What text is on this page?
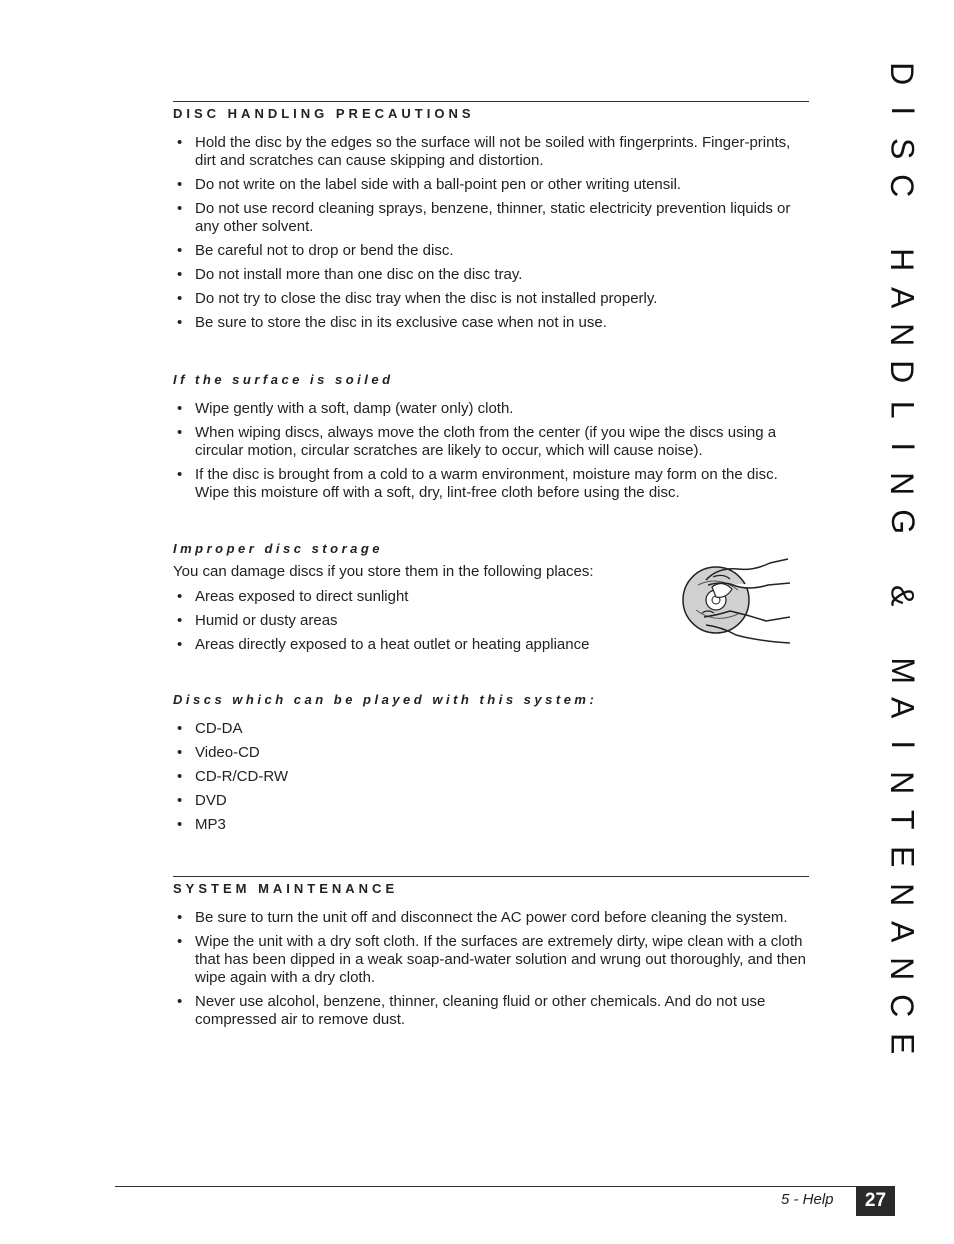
D
I
S
C

H
A
N
D
L
I
N
G

&

M
A
I
N
T
E
N
A
N
C
E
DISC HANDLING PRECAUTIONS
• Hold the disc by the edges so the surface will not be soiled with fingerprints. Finger-prints, dirt and scratches can cause skipping and distortion.
• Do not write on the label side with a ball-point pen or other writing utensil.
• Do not use record cleaning sprays, benzene, thinner, static electricity prevention liquids or any other solvent.
• Be careful not to drop or bend the disc.
• Do not install more than one disc on the disc tray.
• Do not try to close the disc tray when the disc is not installed properly.
• Be sure to store the disc in its exclusive case when not in use.
If the surface is soiled
• Wipe gently with a soft, damp (water only) cloth.
• When wiping discs, always move the cloth from the center (if you wipe the discs using a circular motion, circular scratches are likely to occur, which will cause noise).
• If the disc is brought from a cold to a warm environment, moisture may form on the disc. Wipe this moisture off with a soft, dry, lint-free cloth before using the disc.
Improper disc storage
You can damage discs if you store them in the following places:
• Areas exposed to direct sunlight
• Humid or dusty areas
• Areas directly exposed to a heat outlet or heating appliance
Discs which can be played with this system:
• CD-DA
• Video-CD
• CD-R/CD-RW
• DVD
• MP3
SYSTEM MAINTENANCE
• Be sure to turn the unit off and disconnect the AC power cord before cleaning the system.
• Wipe the unit with a dry soft cloth. If the surfaces are extremely dirty, wipe clean with a cloth that has been dipped in a weak soap-and-water solution and wrung out thoroughly, and then wipe again with a dry cloth.
• Never use alcohol, benzene, thinner, cleaning fluid or other chemicals. And do not use compressed air to remove dust.
5 - Help	27
